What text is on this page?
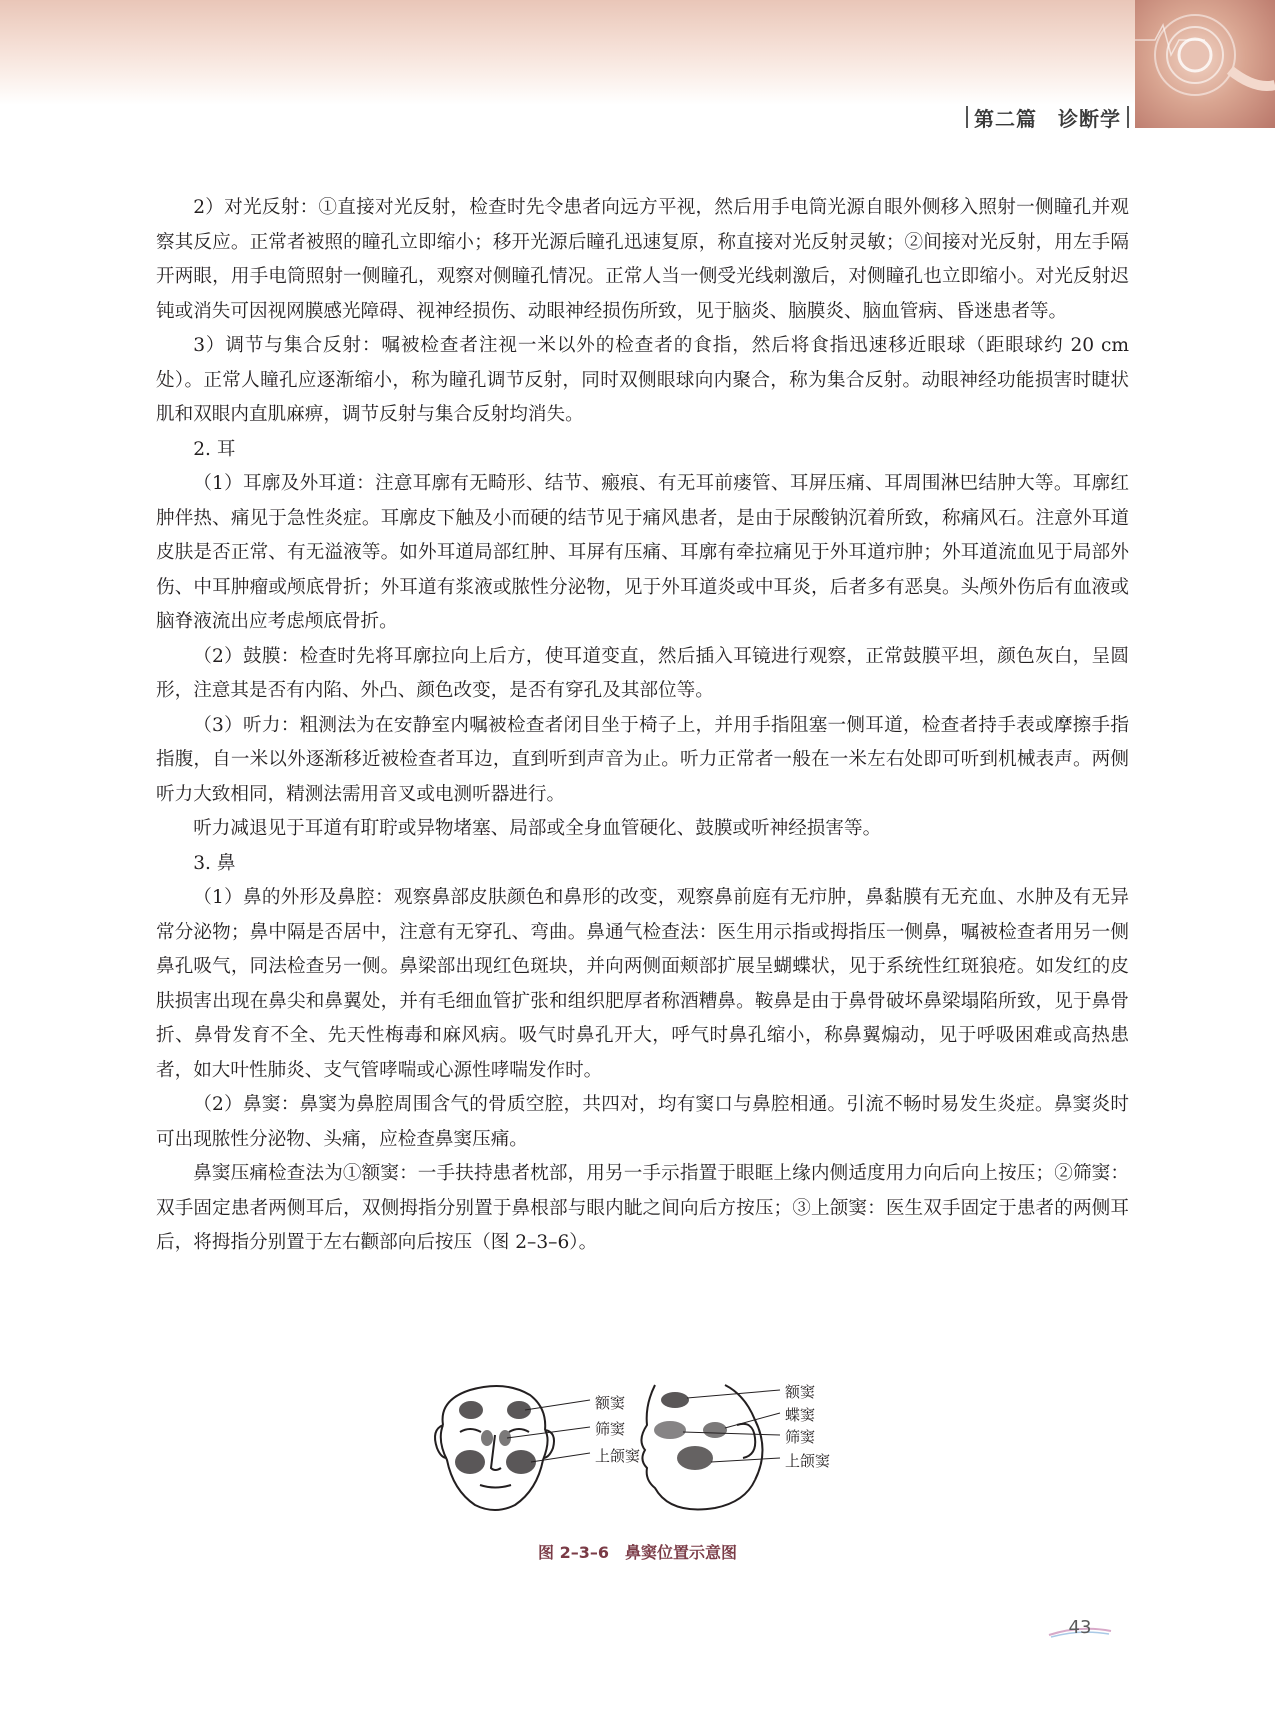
第二篇　诊断学

2）对光反射：①直接对光反射，检查时先令患者向远方平视，然后用手电筒光源自眼外侧移入照射一侧瞳孔并观察其反应。正常者被照的瞳孔立即缩小；移开光源后瞳孔迅速复原，称直接对光反射灵敏；②间接对光反射，用左手隔开两眼，用手电筒照射一侧瞳孔，观察对侧瞳孔情况。正常人当一侧受光线刺激后，对侧瞳孔也立即缩小。对光反射迟钝或消失可因视网膜感光障碍、视神经损伤、动眼神经损伤所致，见于脑炎、脑膜炎、脑血管病、昏迷患者等。

3）调节与集合反射：嘱被检查者注视一米以外的检查者的食指，然后将食指迅速移近眼球（距眼球约 20 cm 处）。正常人瞳孔应逐渐缩小，称为瞳孔调节反射，同时双侧眼球向内聚合，称为集合反射。动眼神经功能损害时睫状肌和双眼内直肌麻痹，调节反射与集合反射均消失。

2. 耳

（1）耳廓及外耳道：注意耳廓有无畸形、结节、瘢痕、有无耳前瘘管、耳屏压痛、耳周围淋巴结肿大等。耳廓红肿伴热、痛见于急性炎症。耳廓皮下触及小而硬的结节见于痛风患者，是由于尿酸钠沉着所致，称痛风石。注意外耳道皮肤是否正常、有无溢液等。如外耳道局部红肿、耳屏有压痛、耳廓有牵拉痛见于外耳道疖肿；外耳道流血见于局部外伤、中耳肿瘤或颅底骨折；外耳道有浆液或脓性分泌物，见于外耳道炎或中耳炎，后者多有恶臭。头颅外伤后有血液或脑脊液流出应考虑颅底骨折。

（2）鼓膜：检查时先将耳廓拉向上后方，使耳道变直，然后插入耳镜进行观察，正常鼓膜平坦，颜色灰白，呈圆形，注意其是否有内陷、外凸、颜色改变，是否有穿孔及其部位等。

（3）听力：粗测法为在安静室内嘱被检查者闭目坐于椅子上，并用手指阻塞一侧耳道，检查者持手表或摩擦手指指腹，自一米以外逐渐移近被检查者耳边，直到听到声音为止。听力正常者一般在一米左右处即可听到机械表声。两侧听力大致相同，精测法需用音叉或电测听器进行。

听力减退见于耳道有耵聍或异物堵塞、局部或全身血管硬化、鼓膜或听神经损害等。

3. 鼻

（1）鼻的外形及鼻腔：观察鼻部皮肤颜色和鼻形的改变，观察鼻前庭有无疖肿，鼻黏膜有无充血、水肿及有无异常分泌物；鼻中隔是否居中，注意有无穿孔、弯曲。鼻通气检查法：医生用示指或拇指压一侧鼻，嘱被检查者用另一侧鼻孔吸气，同法检查另一侧。鼻梁部出现红色斑块，并向两侧面颊部扩展呈蝴蝶状，见于系统性红斑狼疮。如发红的皮肤损害出现在鼻尖和鼻翼处，并有毛细血管扩张和组织肥厚者称酒糟鼻。鞍鼻是由于鼻骨破坏鼻梁塌陷所致，见于鼻骨折、鼻骨发育不全、先天性梅毒和麻风病。吸气时鼻孔开大，呼气时鼻孔缩小，称鼻翼煽动，见于呼吸困难或高热患者，如大叶性肺炎、支气管哮喘或心源性哮喘发作时。

（2）鼻窦：鼻窦为鼻腔周围含气的骨质空腔，共四对，均有窦口与鼻腔相通。引流不畅时易发生炎症。鼻窦炎时可出现脓性分泌物、头痛，应检查鼻窦压痛。

鼻窦压痛检查法为①额窦：一手扶持患者枕部，用另一手示指置于眼眶上缘内侧适度用力向后向上按压；②筛窦：双手固定患者两侧耳后，双侧拇指分别置于鼻根部与眼内眦之间向后方按压；③上颌窦：医生双手固定于患者的两侧耳后，将拇指分别置于左右颧部向后按压（图 2–3–6）。

额窦
筛窦
上颌窦
额窦
蝶窦
筛窦
上颌窦
图 2–3–6　鼻窦位置示意图
43
